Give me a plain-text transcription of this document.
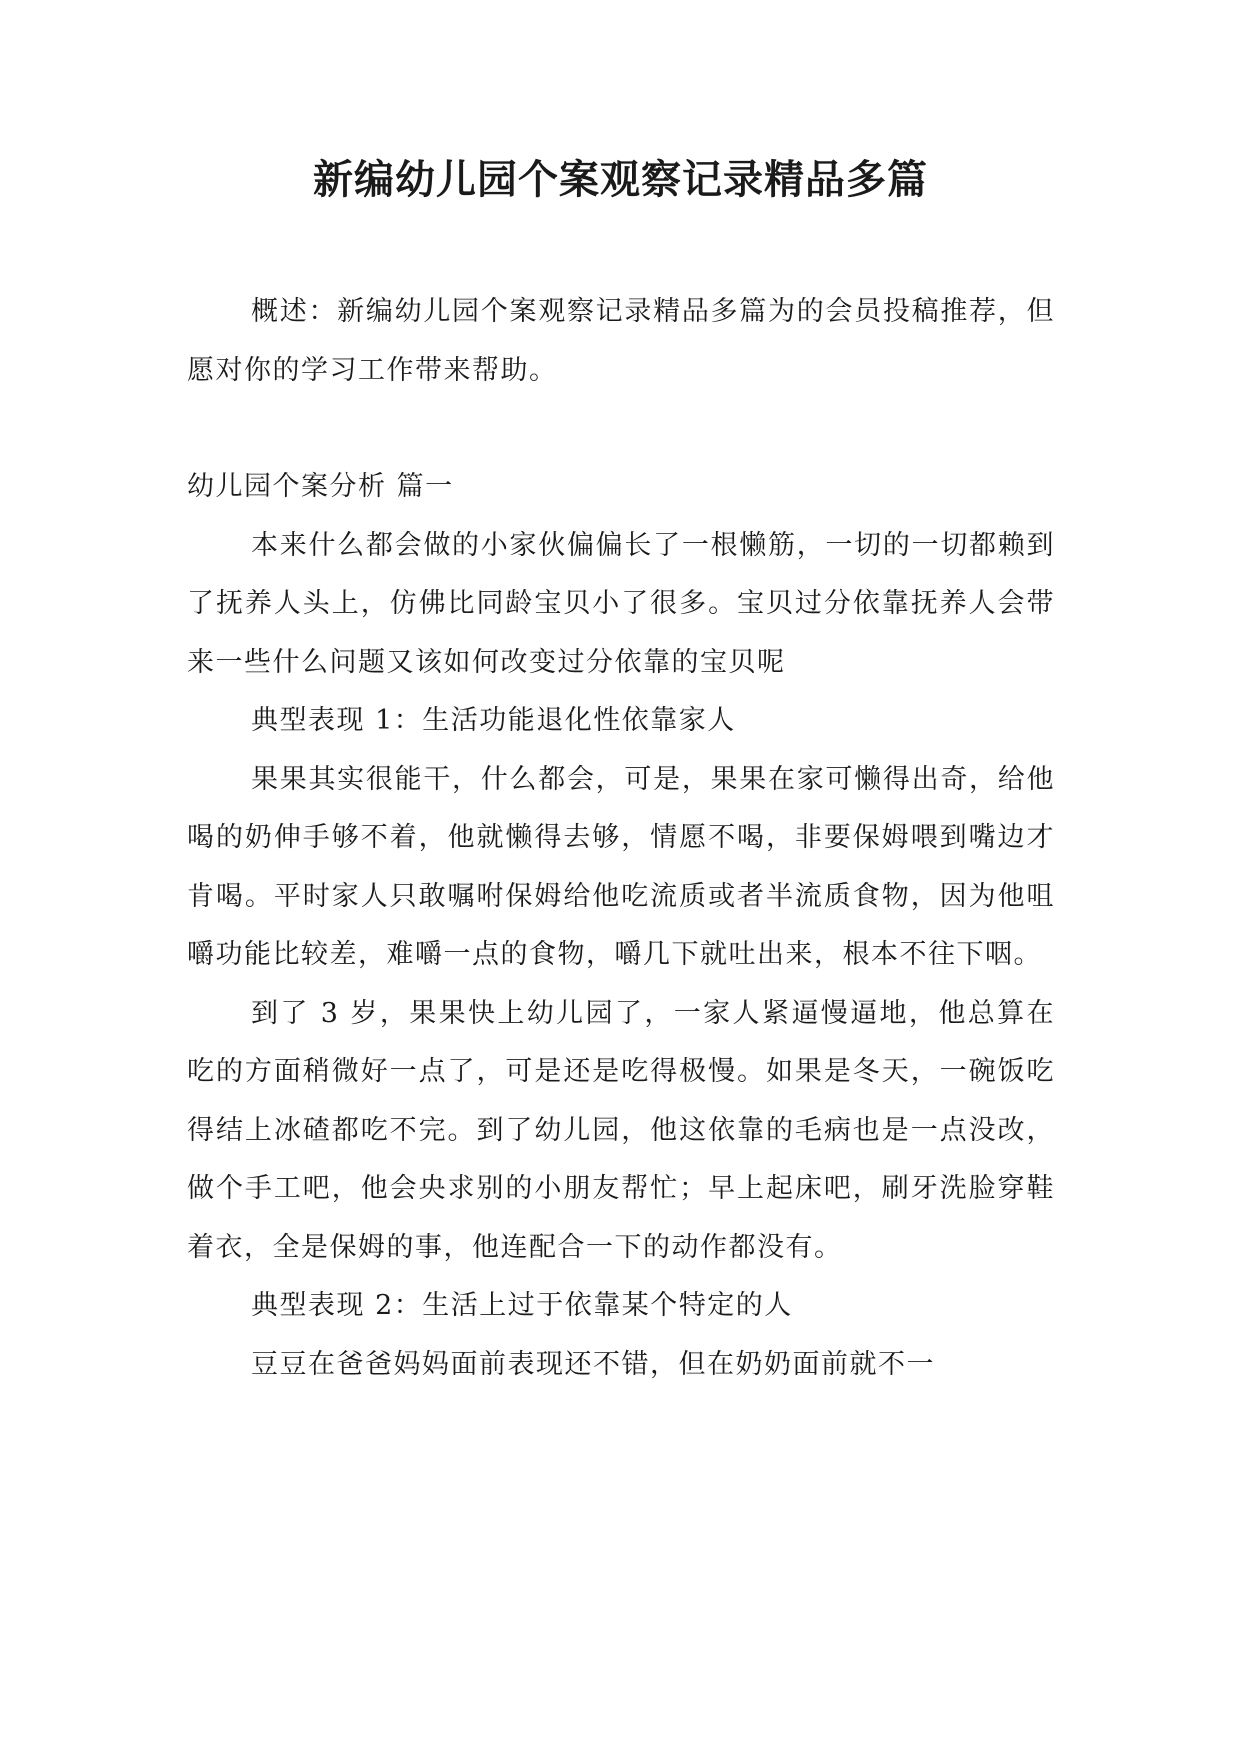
新编幼儿园个案观察记录精品多篇

概述：新编幼儿园个案观察记录精品多篇为的会员投稿推荐，但愿对你的学习工作带来帮助。

幼儿园个案分析 篇一

本来什么都会做的小家伙偏偏长了一根懒筋，一切的一切都赖到了抚养人头上，仿佛比同龄宝贝小了很多。宝贝过分依靠抚养人会带来一些什么问题又该如何改变过分依靠的宝贝呢

典型表现 1：生活功能退化性依靠家人

果果其实很能干，什么都会，可是，果果在家可懒得出奇，给他喝的奶伸手够不着，他就懒得去够，情愿不喝，非要保姆喂到嘴边才肯喝。平时家人只敢嘱咐保姆给他吃流质或者半流质食物，因为他咀嚼功能比较差，难嚼一点的食物，嚼几下就吐出来，根本不往下咽。

到了 3 岁，果果快上幼儿园了，一家人紧逼慢逼地，他总算在吃的方面稍微好一点了，可是还是吃得极慢。如果是冬天，一碗饭吃得结上冰碴都吃不完。到了幼儿园，他这依靠的毛病也是一点没改，做个手工吧，他会央求别的小朋友帮忙；早上起床吧，刷牙洗脸穿鞋着衣，全是保姆的事，他连配合一下的动作都没有。

典型表现 2：生活上过于依靠某个特定的人

豆豆在爸爸妈妈面前表现还不错，但在奶奶面前就不一
